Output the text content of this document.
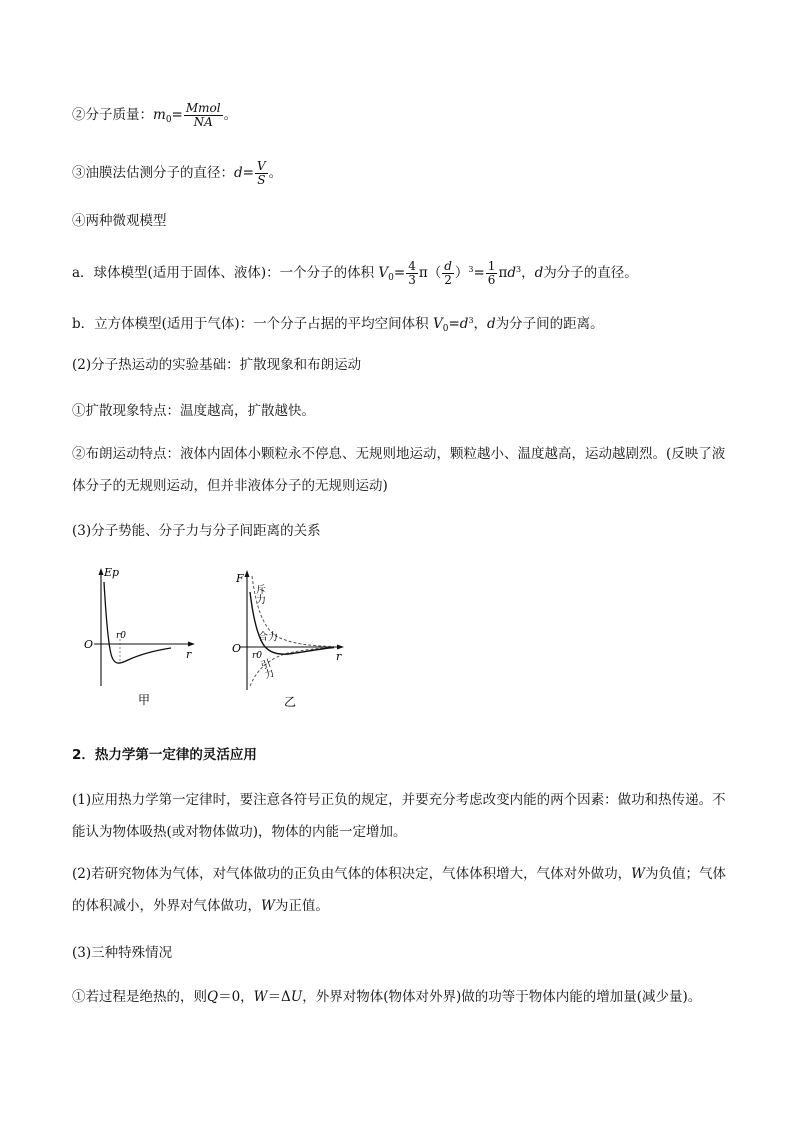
②分子质量：$m_0= \frac{\text{Mmol}}{NA}$ 。
③油膜法估测分子的直径：$d= \frac{V}{S}$ 。
④两种微观模型
a．球体模型(适用于固体、液体)：一个分子的体积 $V_0= \frac{4}{3} \pi( \frac{d}{2} )^3= \frac{1}{6} \pi d^3$，d为分子的直径。
b．立方体模型(适用于气体)：一个分子占据的平均空间体积 $V_0=d^3$，d为分子间的距离。
(2)分子热运动的实验基础：扩散现象和布朗运动
①扩散现象特点：温度越高，扩散越快。
②布朗运动特点：液体内固体小颗粒永不停息、无规则地运动，颗粒越小、温度越高，运动越剧烈。(反映了液体分子的无规则运动，但并非液体分子的无规则运动)
(3)分子势能、分子力与分子间距离的关系
Ep
O
r0
r
甲
F
O
r0	r
斥力
合力
引力
乙
2．热力学第一定律的灵活应用
(1)应用热力学第一定律时，要注意各符号正负的规定，并要充分考虑改变内能的两个因素：做功和热传递。不能认为物体吸热(或对物体做功)，物体的内能一定增加。
(2)若研究物体为气体，对气体做功的正负由气体的体积决定，气体体积增大，气体对外做功，W为负值；气体的体积减小，外界对气体做功，W为正值。
(3)三种特殊情况
①若过程是绝热的，则Q＝0，W＝ΔU，外界对物体(物体对外界)做的功等于物体内能的增加量(减少量)。
